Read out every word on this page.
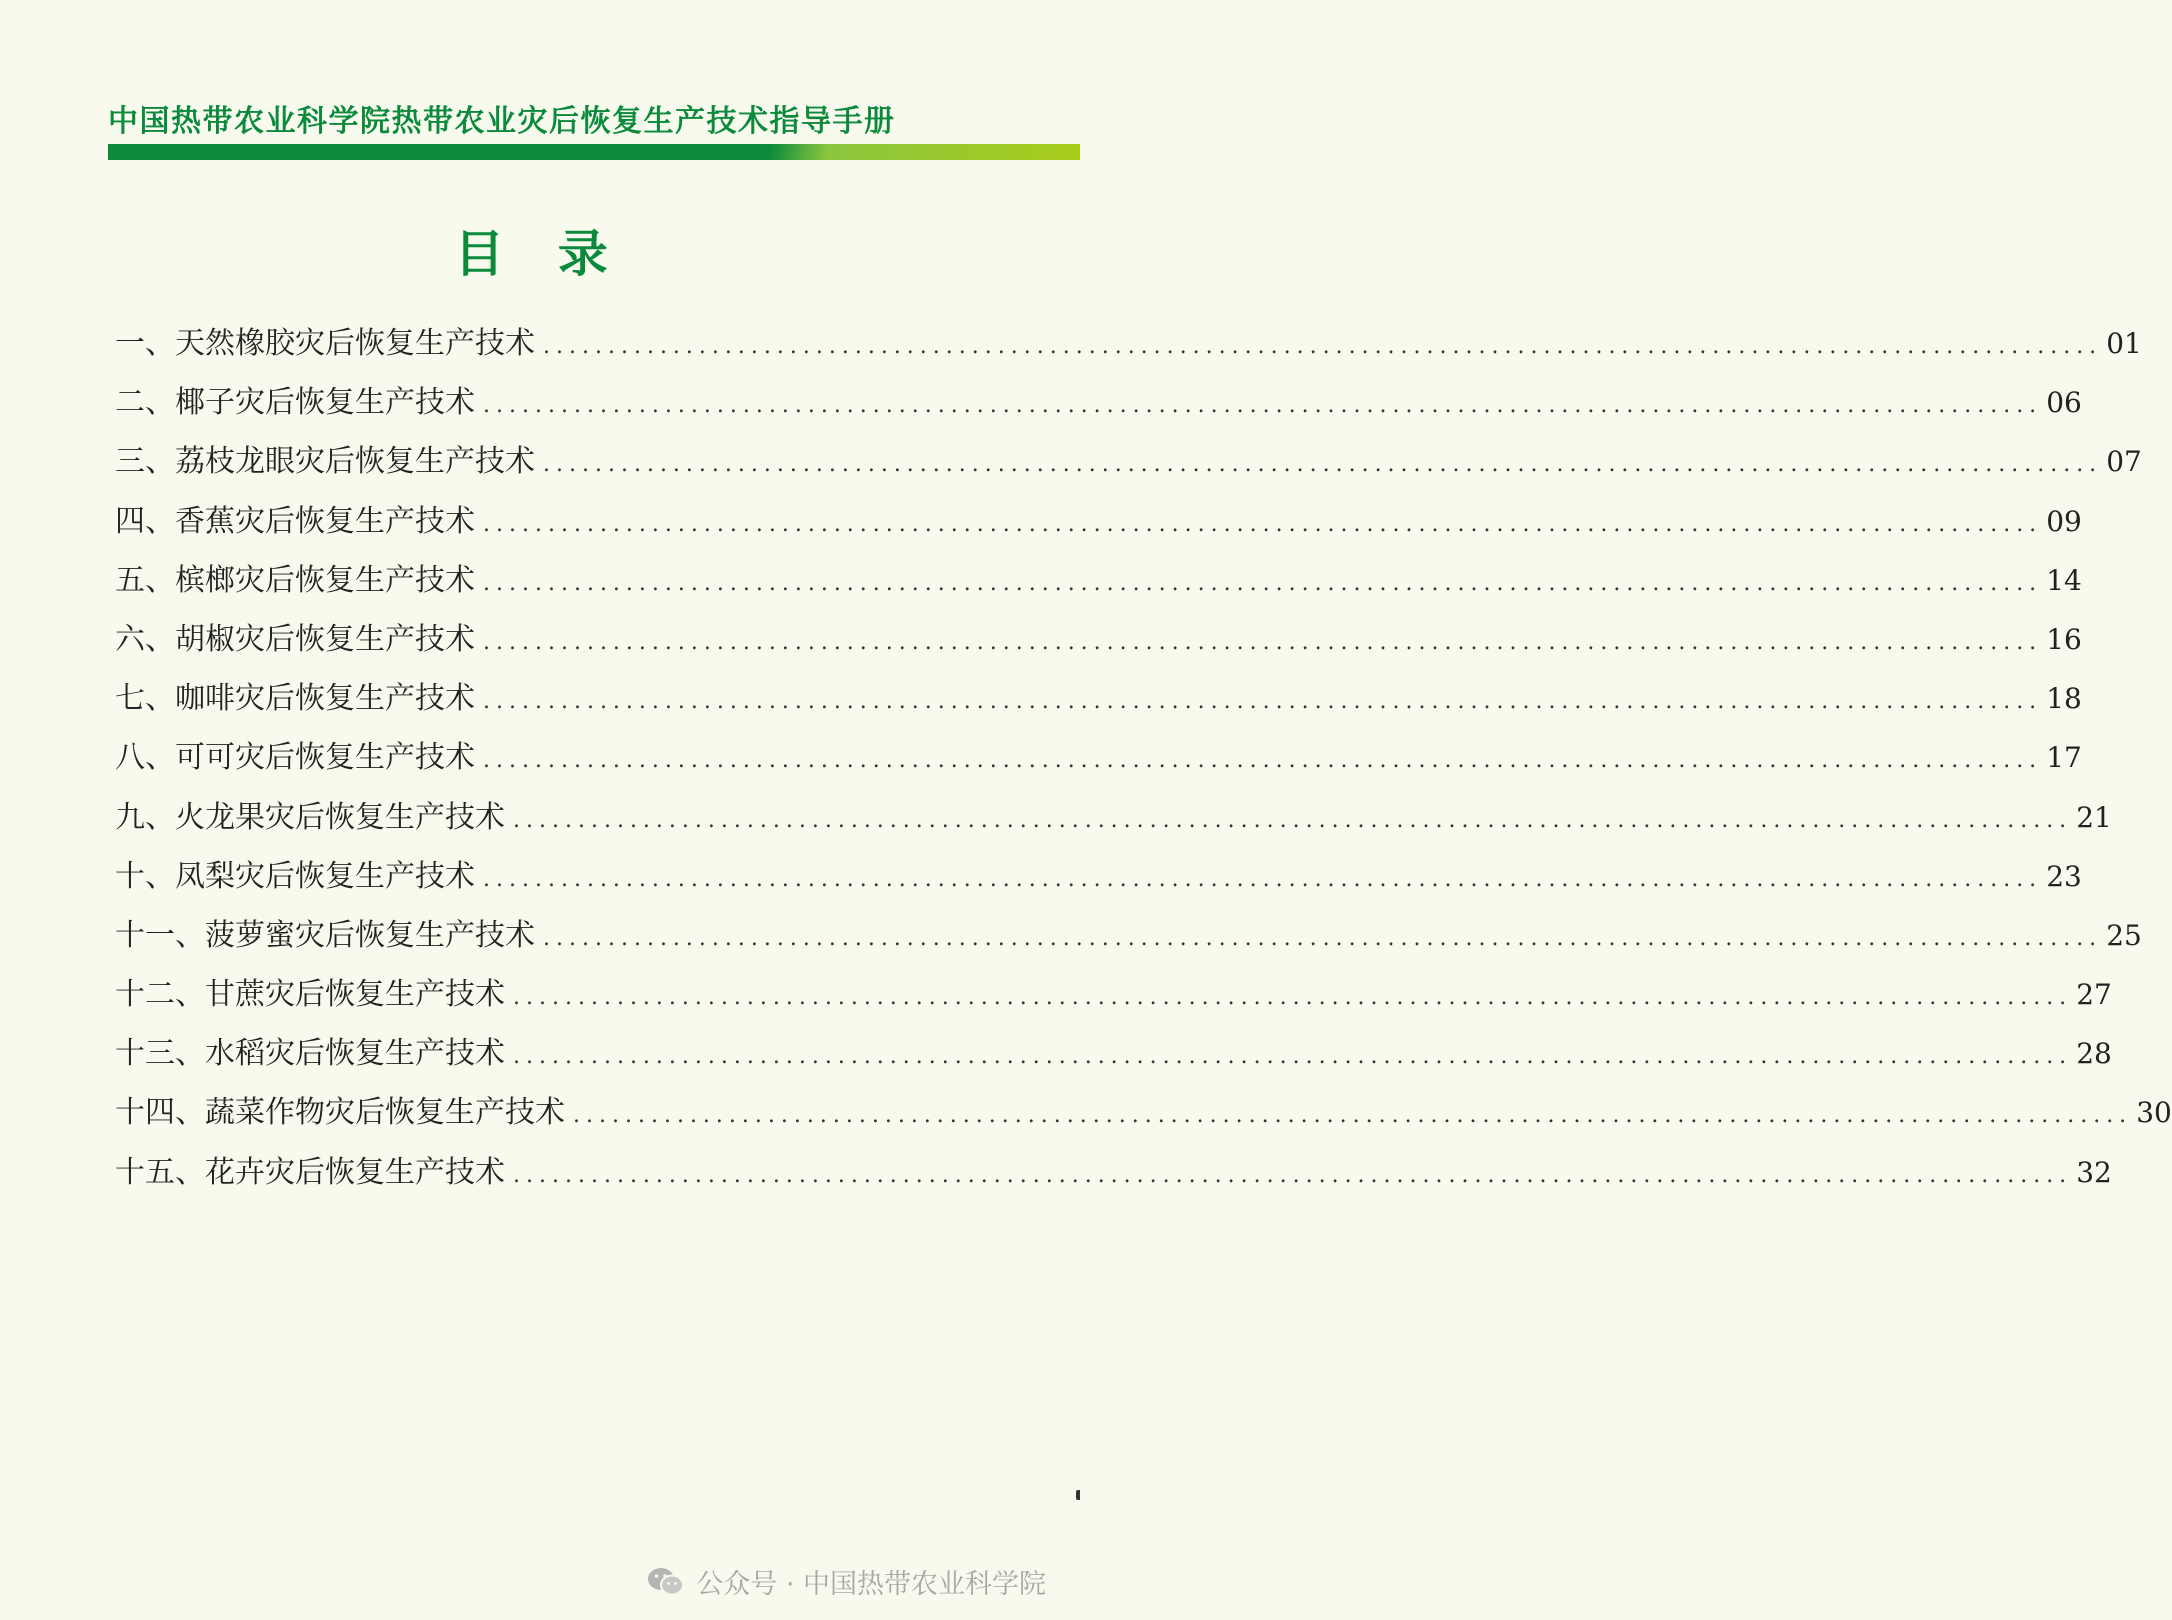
中国热带农业科学院热带农业灾后恢复生产技术指导手册
目 录
一、天然橡胶灾后恢复生产技术 ........................................................................................................................ 01
二、椰子灾后恢复生产技术 ........................................................................................................................ 06
三、荔枝龙眼灾后恢复生产技术 ........................................................................................................................ 07
四、香蕉灾后恢复生产技术 ........................................................................................................................ 09
五、槟榔灾后恢复生产技术 ........................................................................................................................ 14
六、胡椒灾后恢复生产技术 ........................................................................................................................ 16
七、咖啡灾后恢复生产技术 ........................................................................................................................ 18
八、可可灾后恢复生产技术 ........................................................................................................................ 17
九、火龙果灾后恢复生产技术 ........................................................................................................................ 21
十、凤梨灾后恢复生产技术 ........................................................................................................................ 23
十一、菠萝蜜灾后恢复生产技术 ........................................................................................................................ 25
十二、甘蔗灾后恢复生产技术 ........................................................................................................................ 27
十三、水稻灾后恢复生产技术 ........................................................................................................................ 28
十四、蔬菜作物灾后恢复生产技术 ........................................................................................................................ 30
十五、花卉灾后恢复生产技术 ........................................................................................................................ 32
公众号 · 中国热带农业科学院
